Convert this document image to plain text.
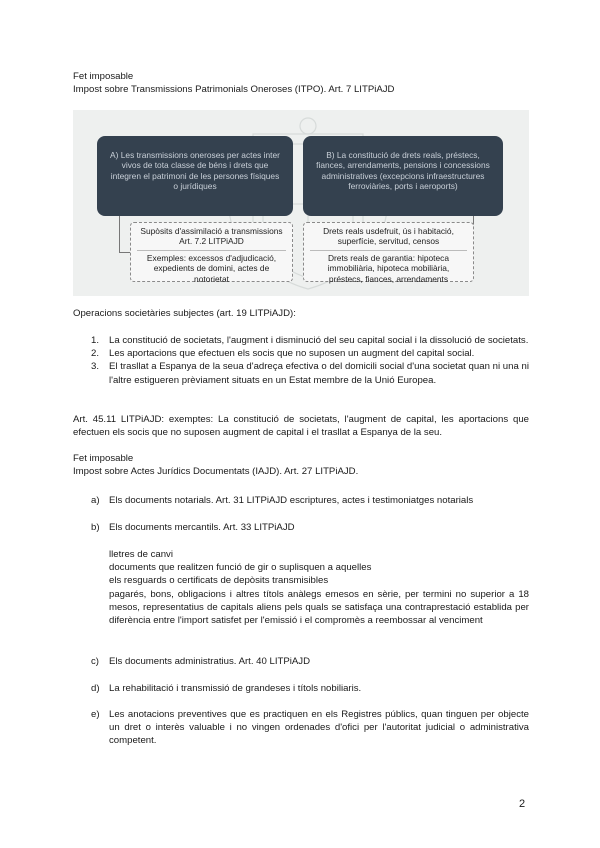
Fet imposable
Impost sobre Transmissions Patrimonials Oneroses (ITPO). Art. 7 LITPiAJD
A) Les transmissions oneroses per actes inter
vivos de tota classe de béns i drets que
integren el patrimoni de les persones físiques
o jurídiques
B) La constitució de drets reals, préstecs,
fiances, arrendaments, pensions i concessions
administratives (excepcions infraestructures
ferroviàries, ports i aeroports)
Supòsits d'assimilació a transmissions
Art. 7.2 LITPiAJD
Exemples: excessos d'adjudicació,
expedients de domini, actes de
notorietat
Drets reals usdefruit, ús i habitació,
superfície, servitud, censos
Drets reals de garantia: hipoteca
immobiliària, hipoteca mobiliària,
préstecs, fiances, arrendaments
Operacions societàries subjectes (art. 19 LITPiAJD):
1. La constitució de societats, l'augment i disminució del seu capital social i la dissolució de societats.
2. Les aportacions que efectuen els socis que no suposen un augment del capital social.
3. El trasllat a Espanya de la seua d'adreça efectiva o del domicili social d'una societat quan ni una ni l'altre estigueren prèviament situats en un Estat membre de la Unió Europea.
Art. 45.11 LITPiAJD: exemptes: La constitució de societats, l'augment de capital, les aportacions que efectuen els socis que no suposen augment de capital i el trasllat a Espanya de la seu.
Fet imposable
Impost sobre Actes Jurídics Documentats (IAJD). Art. 27 LITPiAJD.
a) Els documents notarials. Art. 31 LITPiAJD escriptures, actes i testimoniatges notarials
b) Els documents mercantils. Art. 33 LITPiAJD
lletres de canvi
documents que realitzen funció de gir o suplisquen a aquelles
els resguards o certificats de depòsits transmisibles
pagarés, bons, obligacions i altres títols anàlegs emesos en sèrie, per termini no superior a 18 mesos, representatius de capitals aliens pels quals se satisfaça una contraprestació establida per diferència entre l'import satisfet per l'emissió i el compromès a reembossar al venciment
c) Els documents administratius. Art. 40 LITPiAJD
d) La rehabilitació i transmissió de grandeses i títols nobiliaris.
e) Les anotacions preventives que es practiquen en els Registres públics, quan tinguen per objecte un dret o interès valuable i no vingen ordenades d'ofici per l'autoritat judicial o administrativa competent.
2
